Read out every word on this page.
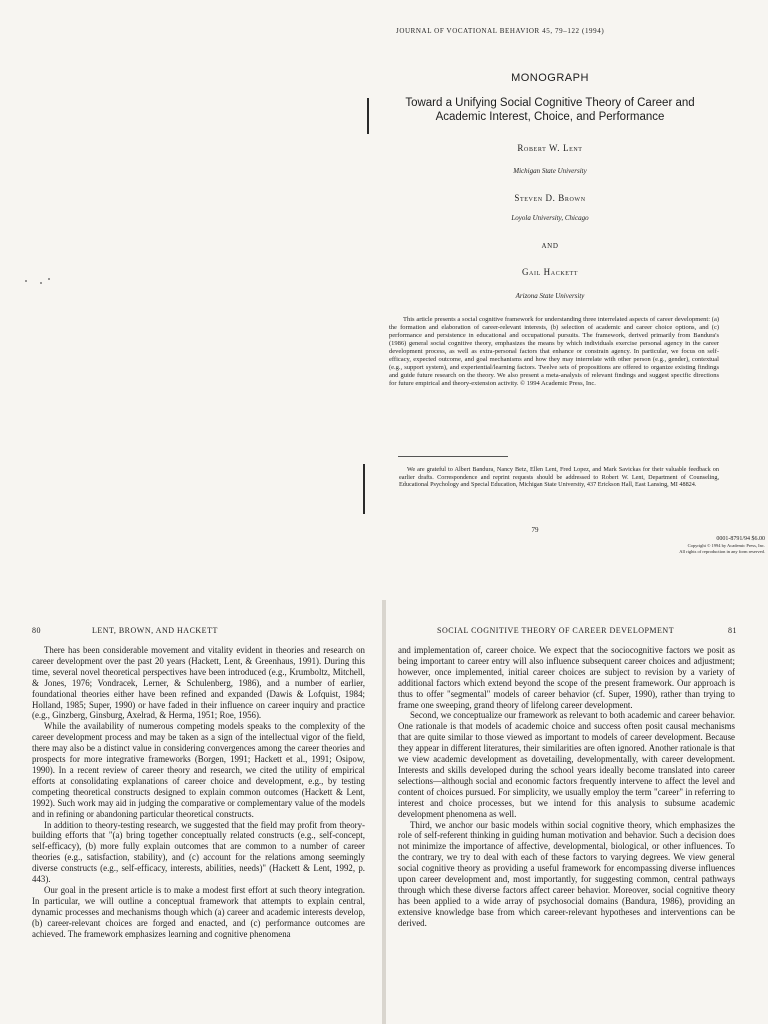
JOURNAL OF VOCATIONAL BEHAVIOR 45, 79–122 (1994)
MONOGRAPH
Toward a Unifying Social Cognitive Theory of Career and
Academic Interest, Choice, and Performance
Robert W. Lent
Michigan State University
Steven D. Brown
Loyola University, Chicago
AND
Gail Hackett
Arizona State University
This article presents a social cognitive framework for understanding three interrelated aspects of career development: (a) the formation and elaboration of career-relevant interests, (b) selection of academic and career choice options, and (c) performance and persistence in educational and occupational pursuits. The framework, derived primarily from Bandura's (1986) general social cognitive theory, emphasizes the means by which individuals exercise personal agency in the career development process, as well as extra-personal factors that enhance or constrain agency. In particular, we focus on self-efficacy, expected outcome, and goal mechanisms and how they may interrelate with other person (e.g., gender), contextual (e.g., support system), and experiential/learning factors. Twelve sets of propositions are offered to organize existing findings and guide future research on the theory. We also present a meta-analysis of relevant findings and suggest specific directions for future empirical and theory-extension activity. © 1994 Academic Press, Inc.
We are grateful to Albert Bandura, Nancy Betz, Ellen Lent, Fred Lopez, and Mark Savickas for their valuable feedback on earlier drafts. Correspondence and reprint requests should be addressed to Robert W. Lent, Department of Counseling, Educational Psychology and Special Education, Michigan State University, 437 Erickson Hall, East Lansing, MI 48824.
79
0001-8791/94 $6.00
Copyright © 1994 by Academic Press, Inc.
All rights of reproduction in any form reserved.
80	LENT, BROWN, AND HACKETT

There has been considerable movement and vitality evident in theories and research on career development over the past 20 years (Hackett, Lent, & Greenhaus, 1991). During this time, several novel theoretical perspectives have been introduced (e.g., Krumboltz, Mitchell, & Jones, 1976; Vondracek, Lerner, & Schulenberg, 1986), and a number of earlier, foundational theories either have been refined and expanded (Dawis & Lofquist, 1984; Holland, 1985; Super, 1990) or have faded in their influence on career inquiry and practice (e.g., Ginzberg, Ginsburg, Axelrad, & Herma, 1951; Roe, 1956).

While the availability of numerous competing models speaks to the complexity of the career development process and may be taken as a sign of the intellectual vigor of the field, there may also be a distinct value in considering convergences among the career theories and prospects for more integrative frameworks (Borgen, 1991; Hackett et al., 1991; Osipow, 1990). In a recent review of career theory and research, we cited the utility of empirical efforts at consolidating explanations of career choice and development, e.g., by testing competing theoretical constructs designed to explain common outcomes (Hackett & Lent, 1992). Such work may aid in judging the comparative or complementary value of the models and in refining or abandoning particular theoretical constructs.

In addition to theory-testing research, we suggested that the field may profit from theory-building efforts that "(a) bring together conceptually related constructs (e.g., self-concept, self-efficacy), (b) more fully explain outcomes that are common to a number of career theories (e.g., satisfaction, stability), and (c) account for the relations among seemingly diverse constructs (e.g., self-efficacy, interests, abilities, needs)" (Hackett & Lent, 1992, p. 443).

Our goal in the present article is to make a modest first effort at such theory integration. In particular, we will outline a conceptual framework that attempts to explain central, dynamic processes and mechanisms though which (a) career and academic interests develop, (b) career-relevant choices are forged and enacted, and (c) performance outcomes are achieved. The framework emphasizes learning and cognitive phenomena

SOCIAL COGNITIVE THEORY OF CAREER DEVELOPMENT	81

and implementation of, career choice. We expect that the sociocognitive factors we posit as being important to career entry will also influence subsequent career choices and adjustment; however, once implemented, initial career choices are subject to revision by a variety of additional factors which extend beyond the scope of the present framework. Our approach is thus to offer "segmental" models of career behavior (cf. Super, 1990), rather than trying to frame one sweeping, grand theory of lifelong career development.

Second, we conceptualize our framework as relevant to both academic and career behavior. One rationale is that models of academic choice and success often posit causal mechanisms that are quite similar to those viewed as important to models of career development. Because they appear in different literatures, their similarities are often ignored. Another rationale is that we view academic development as dovetailing, developmentally, with career development. Interests and skills developed during the school years ideally become translated into career selections—although social and economic factors frequently intervene to affect the level and content of choices pursued. For simplicity, we usually employ the term "career" in referring to interest and choice processes, but we intend for this analysis to subsume academic development phenomena as well.

Third, we anchor our basic models within social cognitive theory, which emphasizes the role of self-referent thinking in guiding human motivation and behavior. Such a decision does not minimize the importance of affective, developmental, biological, or other influences. To the contrary, we try to deal with each of these factors to varying degrees. We view general social cognitive theory as providing a useful framework for encompassing diverse influences upon career development and, most importantly, for suggesting common, central pathways through which these diverse factors affect career behavior. Moreover, social cognitive theory has been applied to a wide array of psychosocial domains (Bandura, 1986), providing an extensive knowledge base from which career-relevant hypotheses and interventions can be derived.
